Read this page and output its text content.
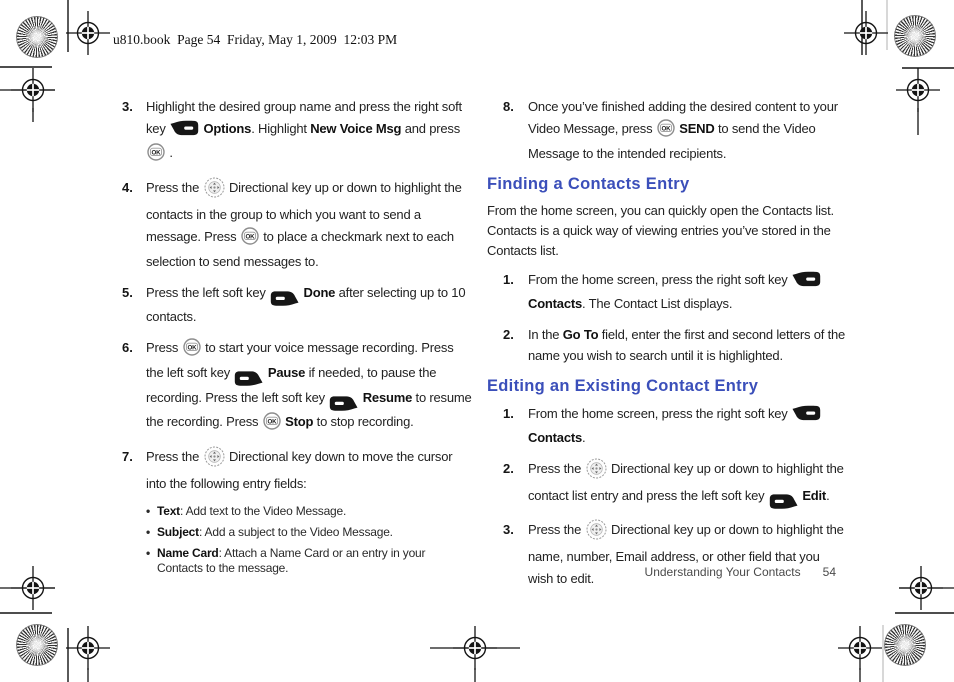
u810.book  Page 54  Friday, May 1, 2009  12:03 PM
3.	Highlight the desired group name and press the right soft key	Options. Highlight New Voice Msg and press
OK .
4.	Press the  Directional key up or down to highlight the contacts in the group to which you want to send a message. Press OK to place a checkmark next to each selection to send messages to.
5.	Press the left soft key	Done after selecting up to 10 contacts.
6.	Press OK to start your voice message recording. Press the left soft key	Pause if needed, to pause the recording. Press the left soft key	Resume to resume the recording. Press OK Stop to stop recording.
7.	Press the  Directional key down to move the cursor into the following entry fields:
• Text: Add text to the Video Message.
• Subject: Add a subject to the Video Message.
• Name Card: Attach a Name Card or an entry in your Contacts to the message.
8.	Once you’ve finished adding the desired content to your Video Message, press OK SEND to send the Video Message to the intended recipients.
Finding a Contacts Entry
From the home screen, you can quickly open the Contacts list. Contacts is a quick way of viewing entries you’ve stored in the Contacts list.
1.	From the home screen, press the right soft key  Contacts. The Contact List displays.
2.	In the Go To field, enter the first and second letters of the name you wish to search until it is highlighted.
Editing an Existing Contact Entry
1.	From the home screen, press the right soft key  Contacts.
2.	Press the  Directional key up or down to highlight the contact list entry and press the left soft key	Edit.
3.	Press the  Directional key up or down to highlight the name, number, Email address, or other field that you wish to edit.	Understanding Your Contacts 54
